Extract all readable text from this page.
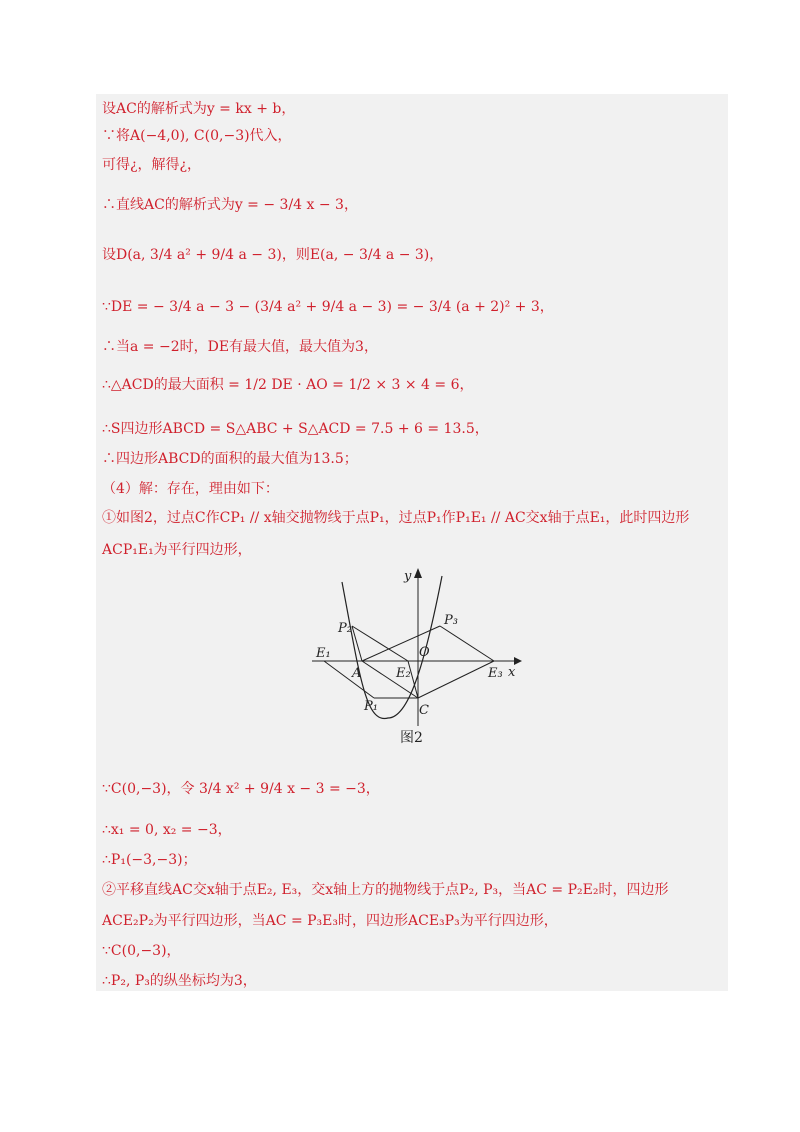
设AC的解析式为y = kx + b，
∵将A(−4,0), C(0,−3)代入，
可得¿，解得¿，
∴直线AC的解析式为y = − 3/4 x − 3，
设D(a, 3/4 a² + 9/4 a − 3)，则E(a, − 3/4 a − 3)，
∵DE = − 3/4 a − 3 − (3/4 a² + 9/4 a − 3) = − 3/4 (a + 2)² + 3，
∴当a = −2时，DE有最大值，最大值为3，
∴△ACD的最大面积 = 1/2 DE · AO = 1/2 × 3 × 4 = 6，
∴S四边形ABCD = S△ABC + S△ACD = 7.5 + 6 = 13.5，
∴四边形ABCD的面积的最大值为13.5；
（4）解：存在，理由如下：
①如图2，过点C作CP₁ // x轴交抛物线于点P₁，过点P₁作P₁E₁ // AC交x轴于点E₁，此时四边形
ACP₁E₁为平行四边形，
y
x
O
A
C
E₁
E₂	E₃
P₁
P₂
P₃
图2
∵C(0,−3)，令 3/4 x² + 9/4 x − 3 = −3，
∴x₁ = 0, x₂ = −3，
∴P₁(−3,−3)；
②平移直线AC交x轴于点E₂, E₃，交x轴上方的抛物线于点P₂, P₃，当AC = P₂E₂时，四边形
ACE₂P₂为平行四边形，当AC = P₃E₃时，四边形ACE₃P₃为平行四边形，
∵C(0,−3)，
∴P₂, P₃的纵坐标均为3，
